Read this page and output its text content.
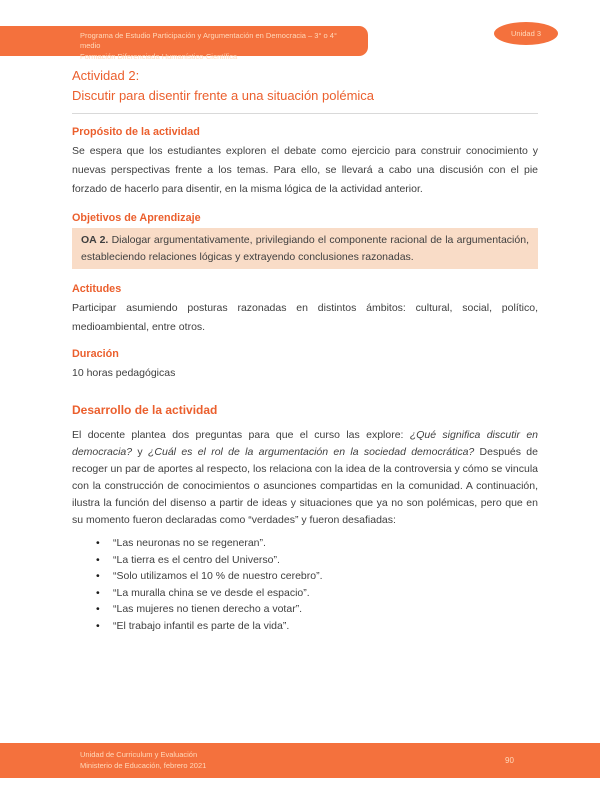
Programa de Estudio Participación y Argumentación en Democracia – 3° o 4° medio
Formación Diferenciada Humanístico-Científica
Unidad 3
Actividad 2:
Discutir para disentir frente a una situación polémica
Propósito de la actividad

Se espera que los estudiantes exploren el debate como ejercicio para construir conocimiento y nuevas perspectivas frente a los temas. Para ello, se llevará a cabo una discusión con el pie forzado de hacerlo para disentir, en la misma lógica de la actividad anterior.

Objetivos de Aprendizaje
OA 2. Dialogar argumentativamente, privilegiando el componente racional de la argumentación, estableciendo relaciones lógicas y extrayendo conclusiones razonadas.
Actitudes

Participar asumiendo posturas razonadas en distintos ámbitos: cultural, social, político, medioambiental, entre otros.

Duración

10 horas pedagógicas

Desarrollo de la actividad

El docente plantea dos preguntas para que el curso las explore: ¿Qué significa discutir en democracia? y ¿Cuál es el rol de la argumentación en la sociedad democrática? Después de recoger un par de aportes al respecto, los relaciona con la idea de la controversia y cómo se vincula con la construcción de conocimientos o asunciones compartidas en la comunidad. A continuación, ilustra la función del disenso a partir de ideas y situaciones que ya no son polémicas, pero que en su momento fueron declaradas como “verdades” y fueron desafiadas:

• “Las neuronas no se regeneran”.
• “La tierra es el centro del Universo”.
• “Solo utilizamos el 10 % de nuestro cerebro”.
• “La muralla china se ve desde el espacio”.
• “Las mujeres no tienen derecho a votar”.
• “El trabajo infantil es parte de la vida”.
Unidad de Curriculum y Evaluación
Ministerio de Educación, febrero 2021
90
